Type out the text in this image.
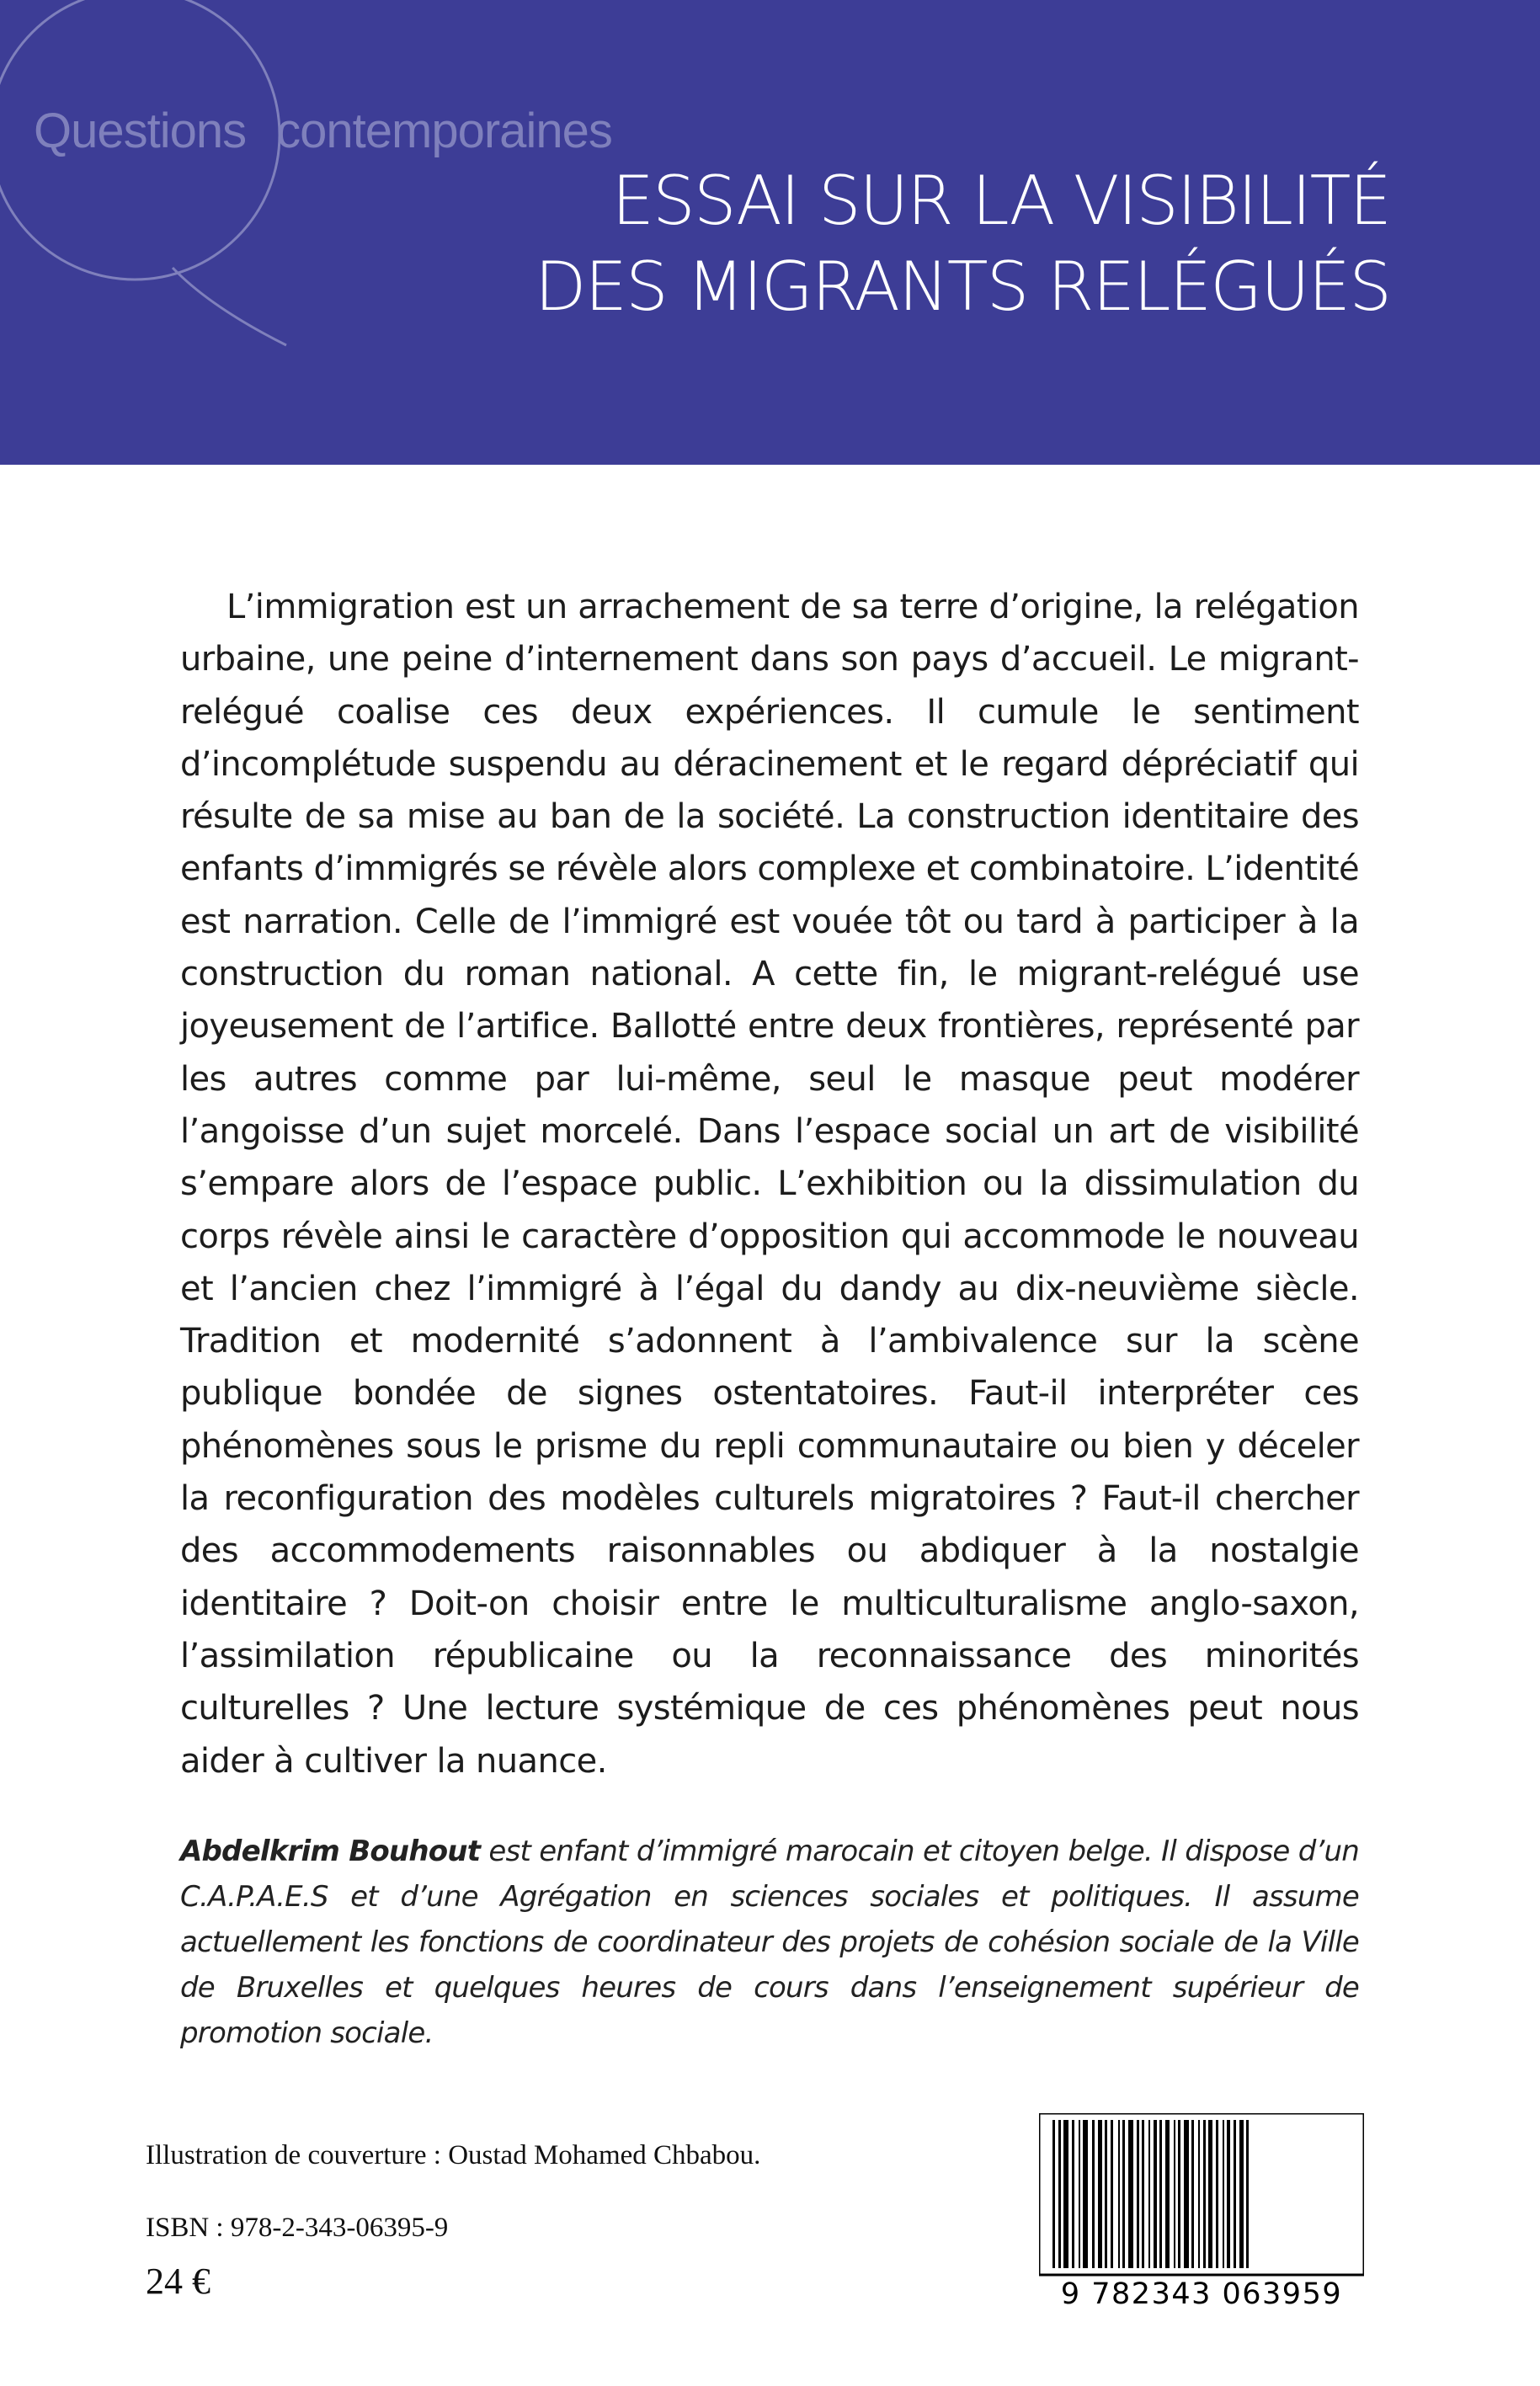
Questions contemporaines
ESSAI SUR LA VISIBILITÉ
DES MIGRANTS RELÉGUÉS

L’immigration est un arrachement de sa terre d’origine, la relégation urbaine, une peine d’internement dans son pays d’accueil. Le migrant-relégué coalise ces deux expériences. Il cumule le sentiment d’incomplétude suspendu au déracinement et le regard dépréciatif qui résulte de sa mise au ban de la société. La construction identitaire des enfants d’immigrés se révèle alors complexe et combinatoire. L’identité est narration. Celle de l’immigré est vouée tôt ou tard à participer à la construction du roman national. A cette fin, le migrant-relégué use joyeusement de l’artifice. Ballotté entre deux frontières, représenté par les autres comme par lui-même, seul le masque peut modérer l’angoisse d’un sujet morcelé. Dans l’espace social un art de visibilité s’empare alors de l’espace public. L’exhibition ou la dissimulation du corps révèle ainsi le caractère d’opposition qui accommode le nouveau et l’ancien chez l’immigré à l’égal du dandy au dix-neuvième siècle. Tradition et modernité s’adonnent à l’ambivalence sur la scène publique bondée de signes ostentatoires. Faut-il interpréter ces phénomènes sous le prisme du repli communautaire ou bien y déceler la reconfiguration des modèles culturels migratoires ? Faut-il chercher des accommodements raisonnables ou abdiquer à la nostalgie identitaire ? Doit-on choisir entre le multiculturalisme anglo-saxon, l’assimilation républicaine ou la reconnaissance des minorités culturelles ? Une lecture systémique de ces phénomènes peut nous aider à cultiver la nuance.

Abdelkrim Bouhout est enfant d’immigré marocain et citoyen belge. Il dispose d’un C.A.P.A.E.S et d’une Agrégation en sciences sociales et politiques. Il assume actuellement les fonctions de coordinateur des projets de cohésion sociale de la Ville de Bruxelles et quelques heures de cours dans l’enseignement supérieur de promotion sociale.

Illustration de couverture : Oustad Mohamed Chbabou.
ISBN : 978-2-343-06395-9
24 €	9 782343 063959
